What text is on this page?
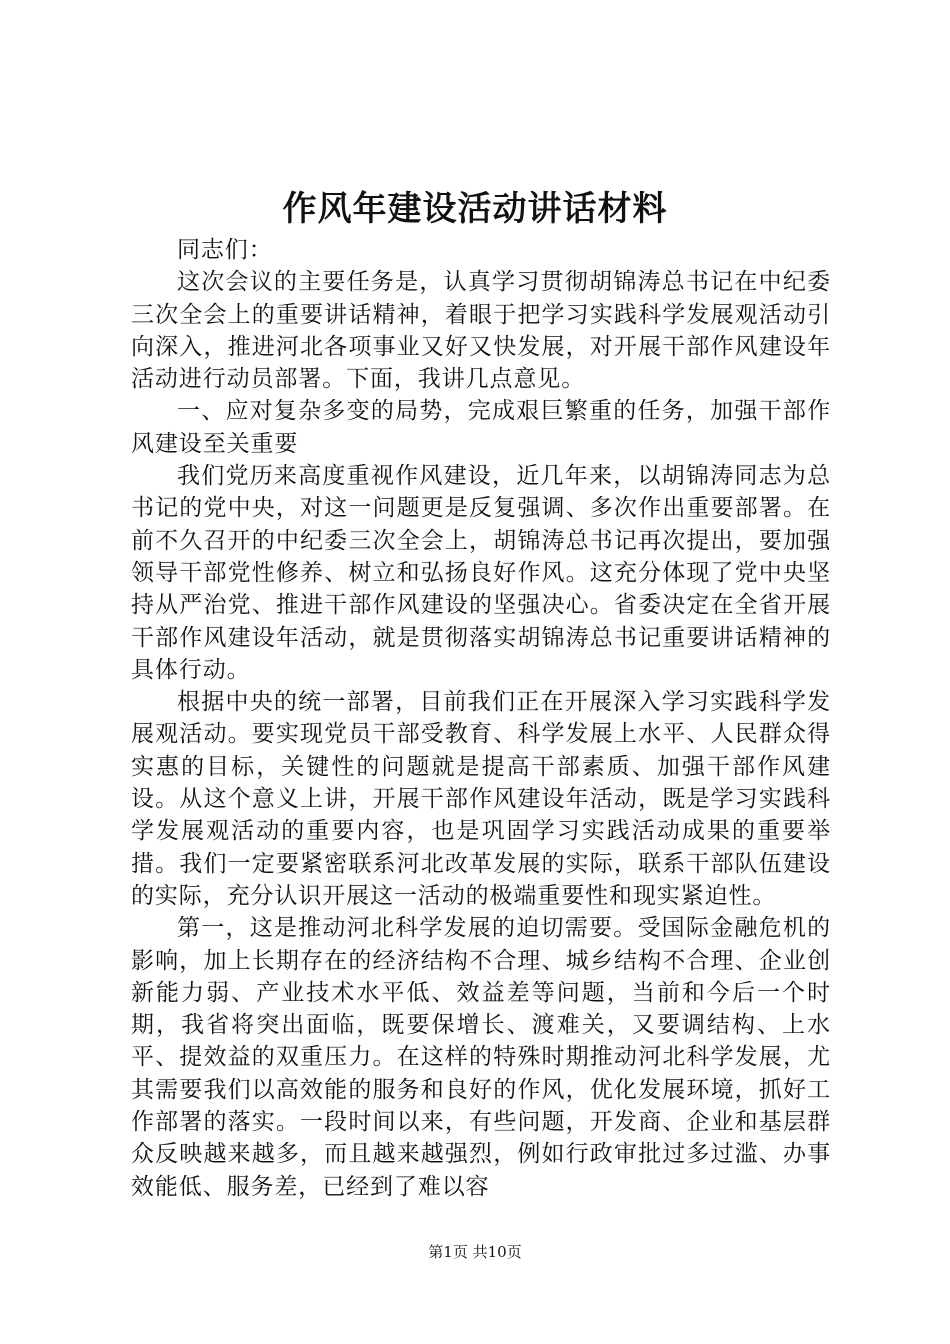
作风年建设活动讲话材料

同志们：

这次会议的主要任务是，认真学习贯彻胡锦涛总书记在中纪委三次全会上的重要讲话精神，着眼于把学习实践科学发展观活动引向深入，推进河北各项事业又好又快发展，对开展干部作风建设年活动进行动员部署。下面，我讲几点意见。

一、应对复杂多变的局势，完成艰巨繁重的任务，加强干部作风建设至关重要

我们党历来高度重视作风建设，近几年来，以胡锦涛同志为总书记的党中央，对这一问题更是反复强调、多次作出重要部署。在前不久召开的中纪委三次全会上，胡锦涛总书记再次提出，要加强领导干部党性修养、树立和弘扬良好作风。这充分体现了党中央坚持从严治党、推进干部作风建设的坚强决心。省委决定在全省开展干部作风建设年活动，就是贯彻落实胡锦涛总书记重要讲话精神的具体行动。

根据中央的统一部署，目前我们正在开展深入学习实践科学发展观活动。要实现党员干部受教育、科学发展上水平、人民群众得实惠的目标，关键性的问题就是提高干部素质、加强干部作风建设。从这个意义上讲，开展干部作风建设年活动，既是学习实践科学发展观活动的重要内容，也是巩固学习实践活动成果的重要举措。我们一定要紧密联系河北改革发展的实际，联系干部队伍建设的实际，充分认识开展这一活动的极端重要性和现实紧迫性。

第一，这是推动河北科学发展的迫切需要。受国际金融危机的影响，加上长期存在的经济结构不合理、城乡结构不合理、企业创新能力弱、产业技术水平低、效益差等问题，当前和今后一个时期，我省将突出面临，既要保增长、渡难关，又要调结构、上水平、提效益的双重压力。在这样的特殊时期推动河北科学发展，尤其需要我们以高效能的服务和良好的作风，优化发展环境，抓好工作部署的落实。一段时间以来，有些问题，开发商、企业和基层群众反映越来越多，而且越来越强烈，例如行政审批过多过滥、办事效能低、服务差，已经到了难以容

第1页 共10页
